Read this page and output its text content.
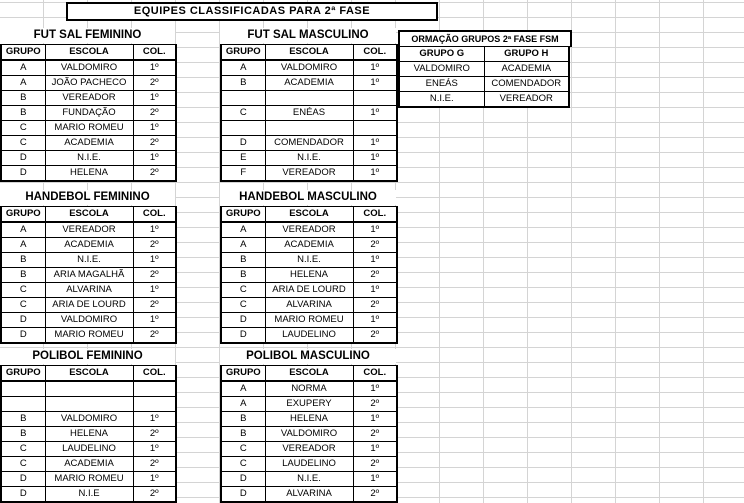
EQUIPES CLASSIFICADAS PARA 2ª FASE
FUT SAL FEMININO
GRUPO	ESCOLA	COL.
A	VALDOMIRO	1º
A	JOÃO PACHECO	2º
B	VEREADOR	1º
B	FUNDAÇÃO	2º
C	MARIO ROMEU	1º
C	ACADEMIA	2º
D	N.I.E.	1º
D	HELENA	2º
FUT SAL MASCULINO
GRUPO	ESCOLA	COL.
A	VALDOMIRO	1º
B	ACADEMIA	1º

C	ENÉAS	1º

D	COMENDADOR	1º
E	N.I.E.	1º
F	VEREADOR	1º
ORMAÇÃO GRUPOS 2ª FASE FSM
GRUPO G	GRUPO H
VALDOMIRO	ACADEMIA
ENEÁS	COMENDADOR
N.I.E.	VEREADOR
HANDEBOL FEMININO
GRUPO	ESCOLA	COL.
A	VEREADOR	1º
A	ACADEMIA	2º
B	N.I.E.	1º
B	ARIA MAGALHÃ	2º
C	ALVARINA	1º
C	ARIA DE LOURD	2º
D	VALDOMIRO	1º
D	MARIO ROMEU	2º
HANDEBOL MASCULINO
GRUPO	ESCOLA	COL.
A	VEREADOR	1º
A	ACADEMIA	2º
B	N.I.E.	1º
B	HELENA	2º
C	ARIA DE LOURD	1º
C	ALVARINA	2º
D	MARIO ROMEU	1º
D	LAUDELINO	2º
POLIBOL FEMININO
GRUPO	ESCOLA	COL.

B	VALDOMIRO	1º
B	HELENA	2º
C	LAUDELINO	1º
C	ACADEMIA	2º
D	MARIO ROMEU	1º
D	N.I.E	2º
POLIBOL MASCULINO
GRUPO	ESCOLA	COL.
A	NORMA	1º
A	EXUPERY	2º
B	HELENA	1º
B	VALDOMIRO	2º
C	VEREADOR	1º
C	LAUDELINO	2º
D	N.I.E.	1º
D	ALVARINA	2º
